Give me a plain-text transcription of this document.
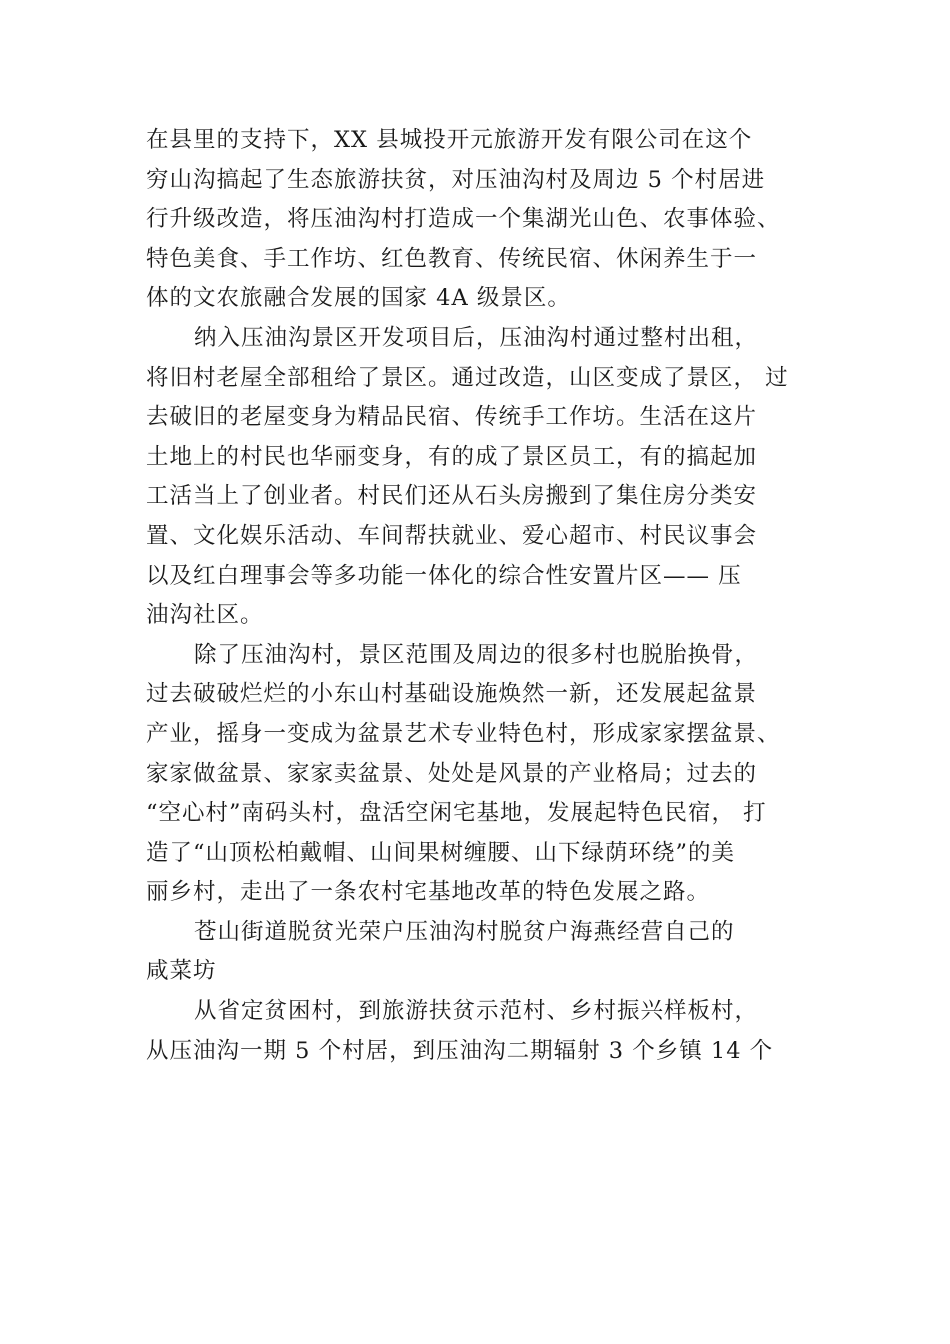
在县里的支持下，XX 县城投开元旅游开发有限公司在这个
穷山沟搞起了生态旅游扶贫，对压油沟村及周边 5 个村居进
行升级改造，将压油沟村打造成一个集湖光山色、农事体验、
特色美食、手工作坊、红色教育、传统民宿、休闲养生于一
体的文农旅融合发展的国家 4A 级景区。
纳入压油沟景区开发项目后，压油沟村通过整村出租，
将旧村老屋全部租给了景区。通过改造，山区变成了景区， 过
去破旧的老屋变身为精品民宿、传统手工作坊。生活在这片
土地上的村民也华丽变身，有的成了景区员工，有的搞起加
工活当上了创业者。村民们还从石头房搬到了集住房分类安
置、文化娱乐活动、车间帮扶就业、爱心超市、村民议事会
以及红白理事会等多功能一体化的综合性安置片区—— 压
油沟社区。
除了压油沟村，景区范围及周边的很多村也脱胎换骨，
过去破破烂烂的小东山村基础设施焕然一新，还发展起盆景
产业，摇身一变成为盆景艺术专业特色村，形成家家摆盆景、
家家做盆景、家家卖盆景、处处是风景的产业格局；过去的
“空心村”南码头村，盘活空闲宅基地，发展起特色民宿， 打
造了“山顶松柏戴帽、山间果树缠腰、山下绿荫环绕”的美
丽乡村，走出了一条农村宅基地改革的特色发展之路。
苍山街道脱贫光荣户压油沟村脱贫户海燕经营自己的
咸菜坊
从省定贫困村，到旅游扶贫示范村、乡村振兴样板村，
从压油沟一期 5 个村居，到压油沟二期辐射 3 个乡镇 14 个
